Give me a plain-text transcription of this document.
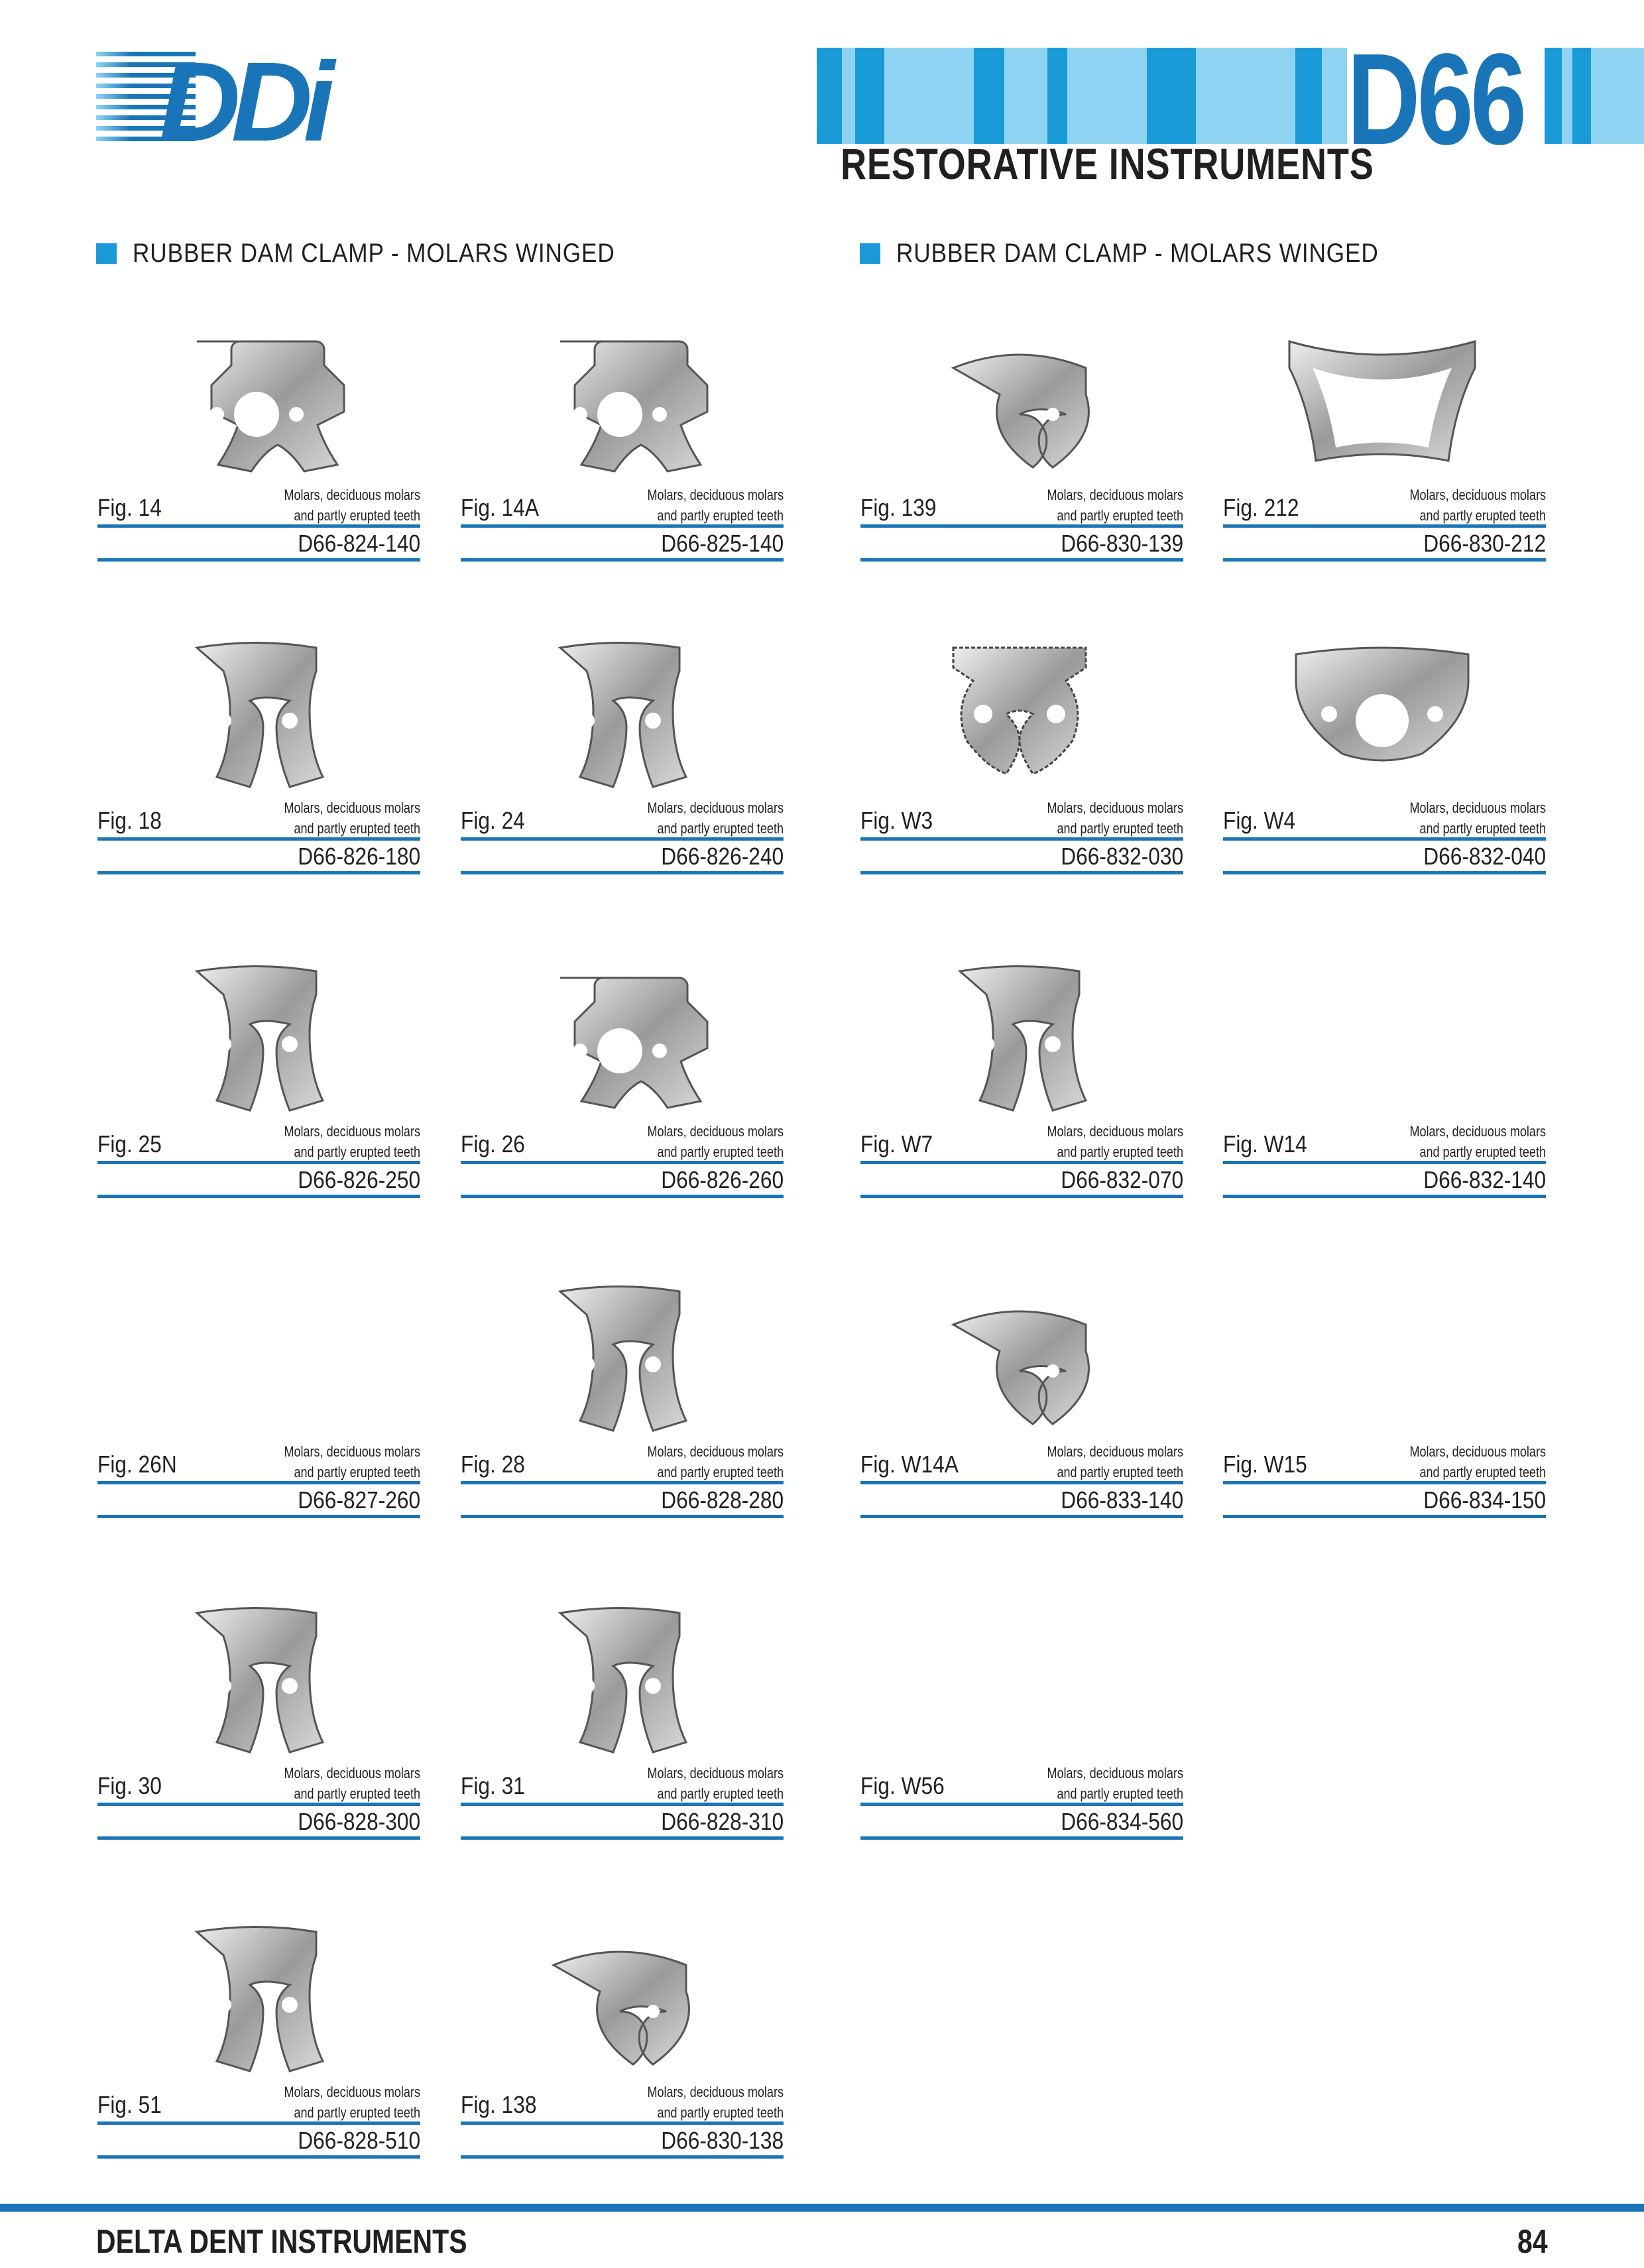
DDi	D66
RESTORATIVE INSTRUMENTS
RUBBER DAM CLAMP - MOLARS WINGED	RUBBER DAM CLAMP - MOLARS WINGED
Fig. 14	Molars, deciduous molars
and partly erupted teeth
D66-824-140
Fig. 14A	Molars, deciduous molars
and partly erupted teeth
D66-825-140
Fig. 139	Molars, deciduous molars
and partly erupted teeth
D66-830-139
Fig. 212	Molars, deciduous molars
and partly erupted teeth
D66-830-212
Fig. 18	Molars, deciduous molars
and partly erupted teeth
D66-826-180
Fig. 24	Molars, deciduous molars
and partly erupted teeth
D66-826-240
Fig. W3	Molars, deciduous molars
and partly erupted teeth
D66-832-030
Fig. W4	Molars, deciduous molars
and partly erupted teeth
D66-832-040
Fig. 25	Molars, deciduous molars
and partly erupted teeth
D66-826-250
Fig. 26	Molars, deciduous molars
and partly erupted teeth
D66-826-260
Fig. W7	Molars, deciduous molars
and partly erupted teeth
D66-832-070
Fig. W14	Molars, deciduous molars
and partly erupted teeth
D66-832-140
Fig. 26N	Molars, deciduous molars
and partly erupted teeth
D66-827-260
Fig. 28	Molars, deciduous molars
and partly erupted teeth
D66-828-280
Fig. W14A	Molars, deciduous molars
and partly erupted teeth
D66-833-140
Fig. W15	Molars, deciduous molars
and partly erupted teeth
D66-834-150
Fig. 30	Molars, deciduous molars
and partly erupted teeth
D66-828-300
Fig. 31	Molars, deciduous molars
and partly erupted teeth
D66-828-310
Fig. W56	Molars, deciduous molars
and partly erupted teeth
D66-834-560
Fig. 51	Molars, deciduous molars
and partly erupted teeth
D66-828-510
Fig. 138	Molars, deciduous molars
and partly erupted teeth
D66-830-138
DELTA DENT INSTRUMENTS	84
